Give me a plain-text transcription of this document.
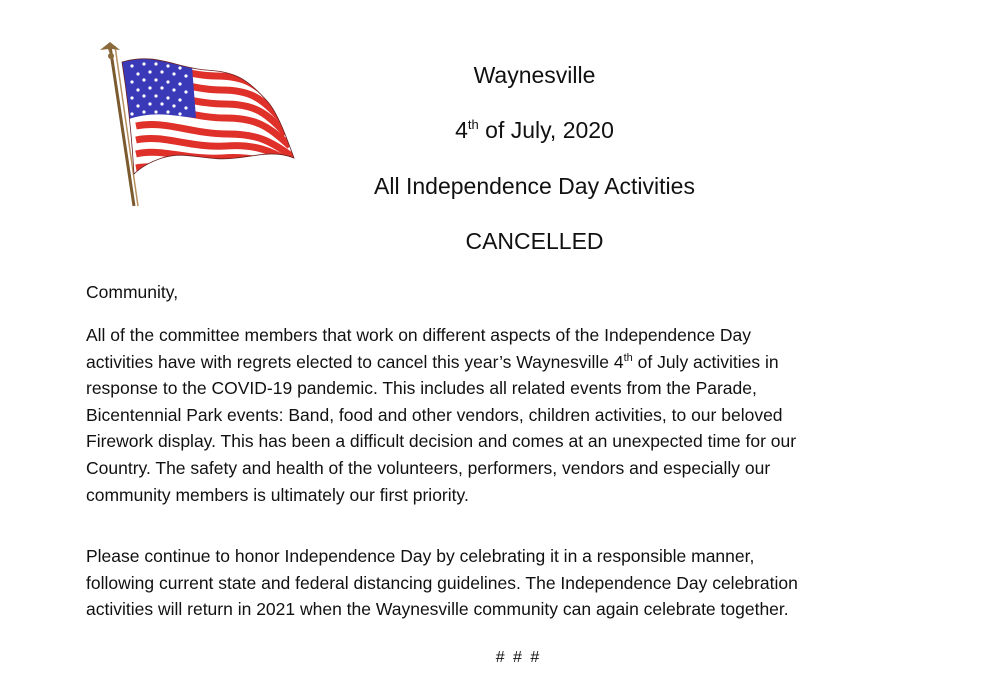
Waynesville
4th of July, 2020
All Independence Day Activities
CANCELLED
Community,
All of the committee members that work on different aspects of the Independence Day
activities have with regrets elected to cancel this year’s Waynesville 4th of July activities in
response to the COVID-19 pandemic. This includes all related events from the Parade,
Bicentennial Park events: Band, food and other vendors, children activities, to our beloved
Firework display. This has been a difficult decision and comes at an unexpected time for our
Country. The safety and health of the volunteers, performers, vendors and especially our
community members is ultimately our first priority.
Please continue to honor Independence Day by celebrating it in a responsible manner,
following current state and federal distancing guidelines. The Independence Day celebration
activities will return in 2021 when the Waynesville community can again celebrate together.
# # #
